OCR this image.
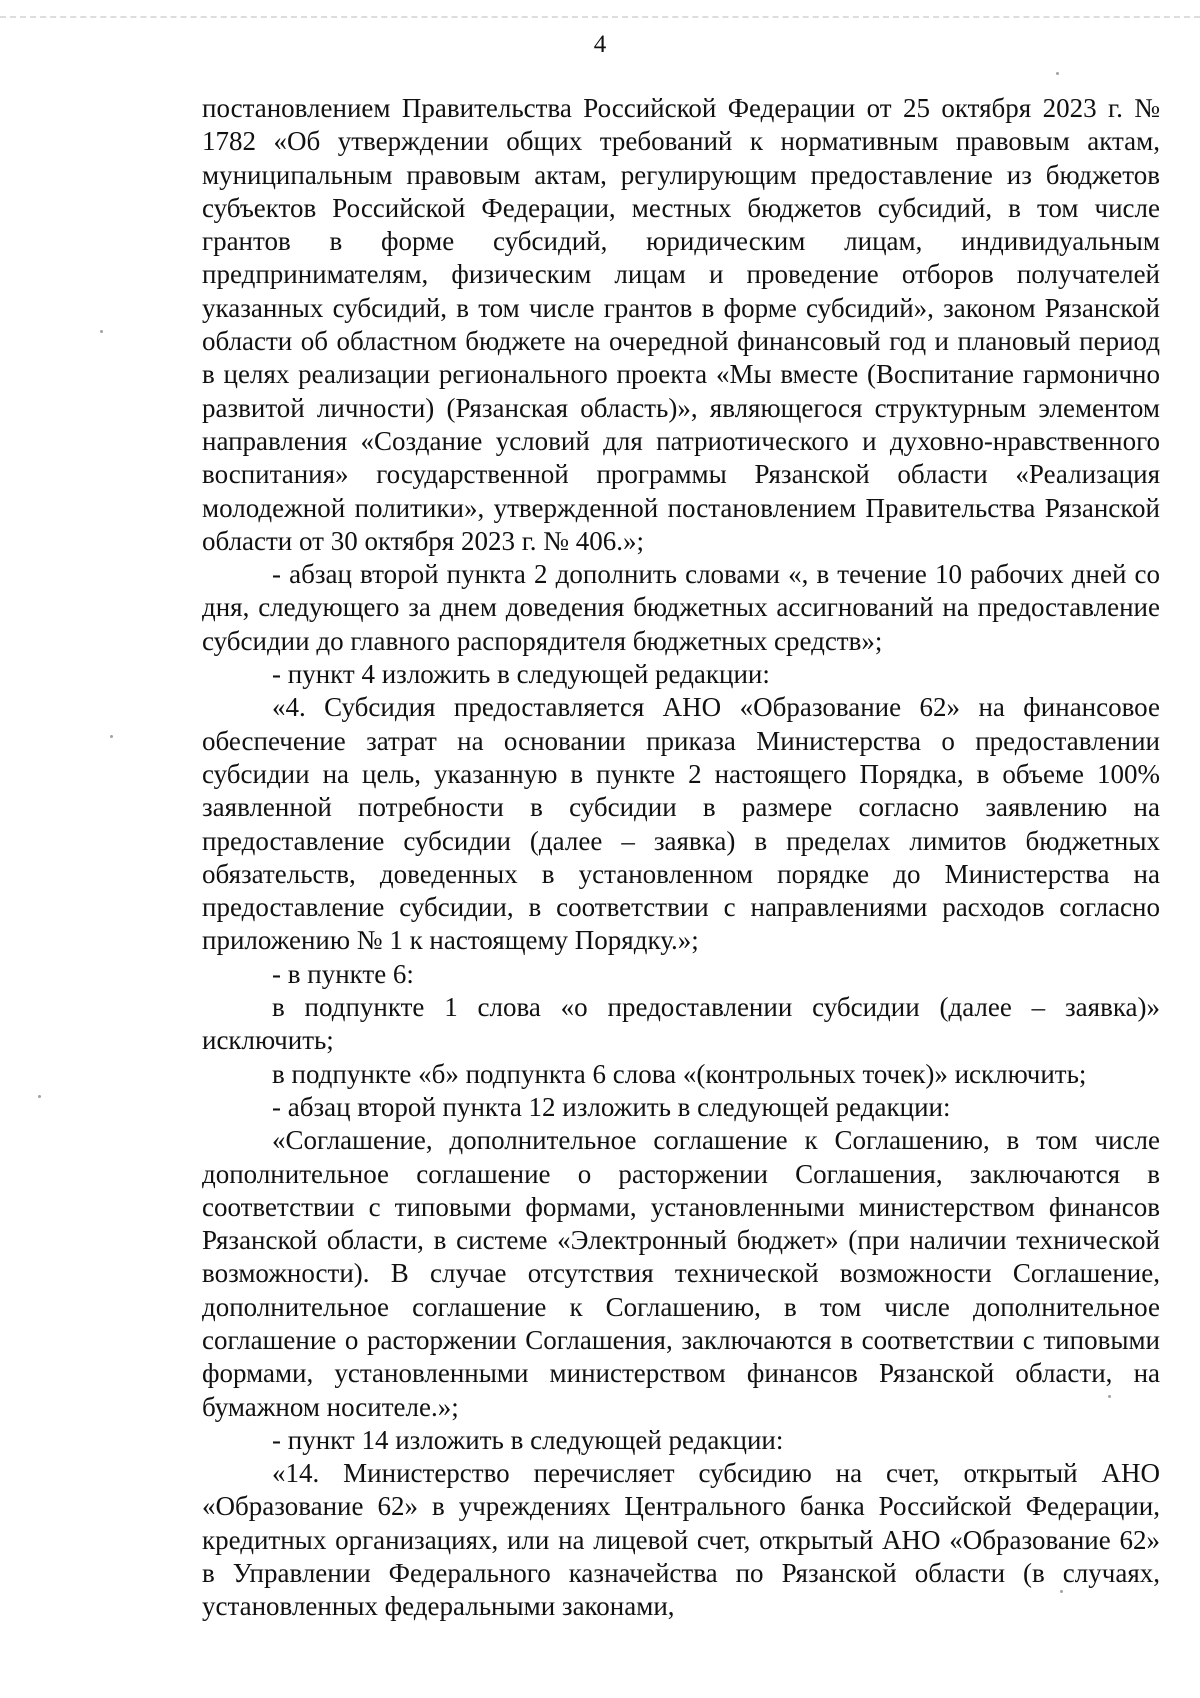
4

постановлением Правительства Российской Федерации от 25 октября 2023 г. № 1782 «Об утверждении общих требований к нормативным правовым актам, муниципальным правовым актам, регулирующим предоставление из бюджетов субъектов Российской Федерации, местных бюджетов субсидий, в том числе грантов в форме субсидий, юридическим лицам, индивидуальным предпринимателям, физическим лицам и проведение отборов получателей указанных субсидий, в том числе грантов в форме субсидий», законом Рязанской области об областном бюджете на очередной финансовый год и плановый период в целях реализации регионального проекта «Мы вместе (Воспитание гармонично развитой личности) (Рязанская область)», являющегося структурным элементом направления «Создание условий для патриотического и духовно-нравственного воспитания» государственной программы Рязанской области «Реализация молодежной политики», утвержденной постановлением Правительства Рязанской области от 30 октября 2023 г. № 406.»;

- абзац второй пункта 2 дополнить словами «, в течение 10 рабочих дней со дня, следующего за днем доведения бюджетных ассигнований на предоставление субсидии до главного распорядителя бюджетных средств»;

- пункт 4 изложить в следующей редакции:

«4. Субсидия предоставляется АНО «Образование 62» на финансовое обеспечение затрат на основании приказа Министерства о предоставлении субсидии на цель, указанную в пункте 2 настоящего Порядка, в объеме 100% заявленной потребности в субсидии в размере согласно заявлению на предоставление субсидии (далее – заявка) в пределах лимитов бюджетных обязательств, доведенных в установленном порядке до Министерства на предоставление субсидии, в соответствии с направлениями расходов согласно приложению № 1 к настоящему Порядку.»;

- в пункте 6:

в подпункте 1 слова «о предоставлении субсидии (далее – заявка)» исключить;

в подпункте «б» подпункта 6 слова «(контрольных точек)» исключить;

- абзац второй пункта 12 изложить в следующей редакции:

«Соглашение, дополнительное соглашение к Соглашению, в том числе дополнительное соглашение о расторжении Соглашения, заключаются в соответствии с типовыми формами, установленными министерством финансов Рязанской области, в системе «Электронный бюджет» (при наличии технической возможности). В случае отсутствия технической возможности Соглашение, дополнительное соглашение к Соглашению, в том числе дополнительное соглашение о расторжении Соглашения, заключаются в соответствии с типовыми формами, установленными министерством финансов Рязанской области, на бумажном носителе.»;

- пункт 14 изложить в следующей редакции:

«14. Министерство перечисляет субсидию на счет, открытый АНО «Образование 62» в учреждениях Центрального банка Российской Федерации, кредитных организациях, или на лицевой счет, открытый АНО «Образование 62» в Управлении Федерального казначейства по Рязанской области (в случаях, установленных федеральными законами,
